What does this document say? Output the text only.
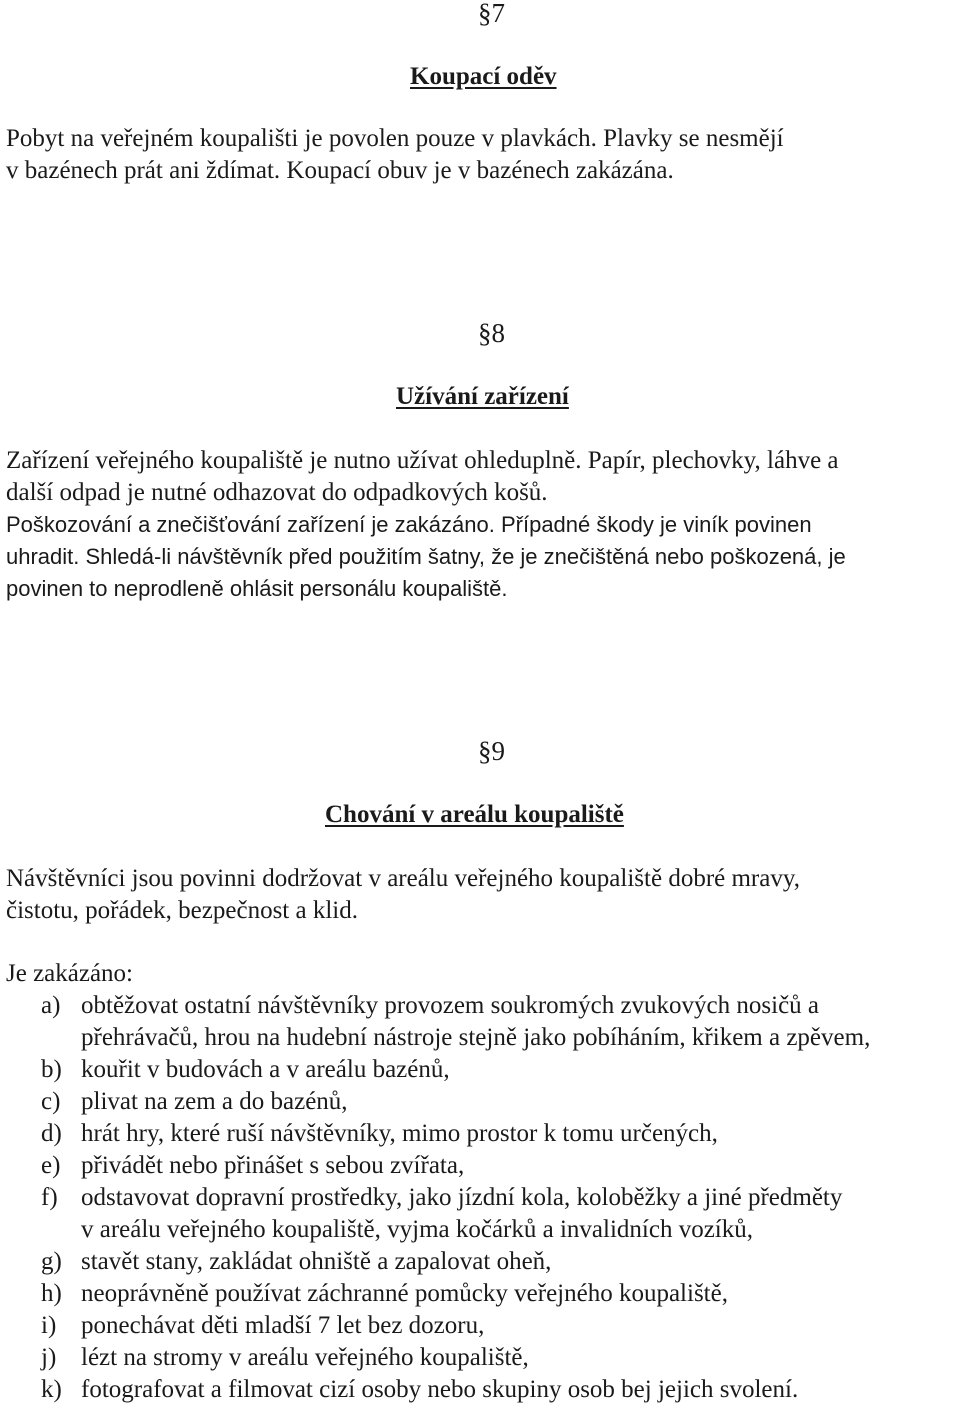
§7
Koupací oděv
Pobyt na veřejném koupališti je povolen pouze v plavkách. Plavky se nesmějí
v bazénech prát ani ždímat. Koupací obuv je v bazénech zakázána.
§8
Užívání zařízení
Zařízení veřejného koupaliště je nutno užívat ohleduplně. Papír, plechovky, láhve a
další odpad je nutné odhazovat do odpadkových košů.
Poškozování a znečišťování zařízení je zakázáno. Případné škody je viník povinen
uhradit. Shledá-li návštěvník před použitím šatny, že je znečištěná nebo poškozená, je
povinen to neprodleně ohlásit personálu koupaliště.
§9
Chování v areálu koupaliště
Návštěvníci jsou povinni dodržovat v areálu veřejného koupaliště dobré mravy,
čistotu, pořádek, bezpečnost a klid.
Je zakázáno:
a) obtěžovat ostatní návštěvníky provozem soukromých zvukových nosičů a
přehrávačů, hrou na hudební nástroje stejně jako pobíháním, křikem a zpěvem,
b) kouřit v budovách a v areálu bazénů,
c) plivat na zem a do bazénů,
d) hrát hry, které ruší návštěvníky, mimo prostor k tomu určených,
e) přivádět nebo přinášet s sebou zvířata,
f) odstavovat dopravní prostředky, jako jízdní kola, koloběžky a jiné předměty
v areálu veřejného koupaliště, vyjma kočárků a invalidních vozíků,
g) stavět stany, zakládat ohniště a zapalovat oheň,
h) neoprávněně používat záchranné pomůcky veřejného koupaliště,
i) ponechávat děti mladší 7 let bez dozoru,
j) lézt na stromy v areálu veřejného koupaliště,
k) fotografovat a filmovat cizí osoby nebo skupiny osob bej jejich svolení.
